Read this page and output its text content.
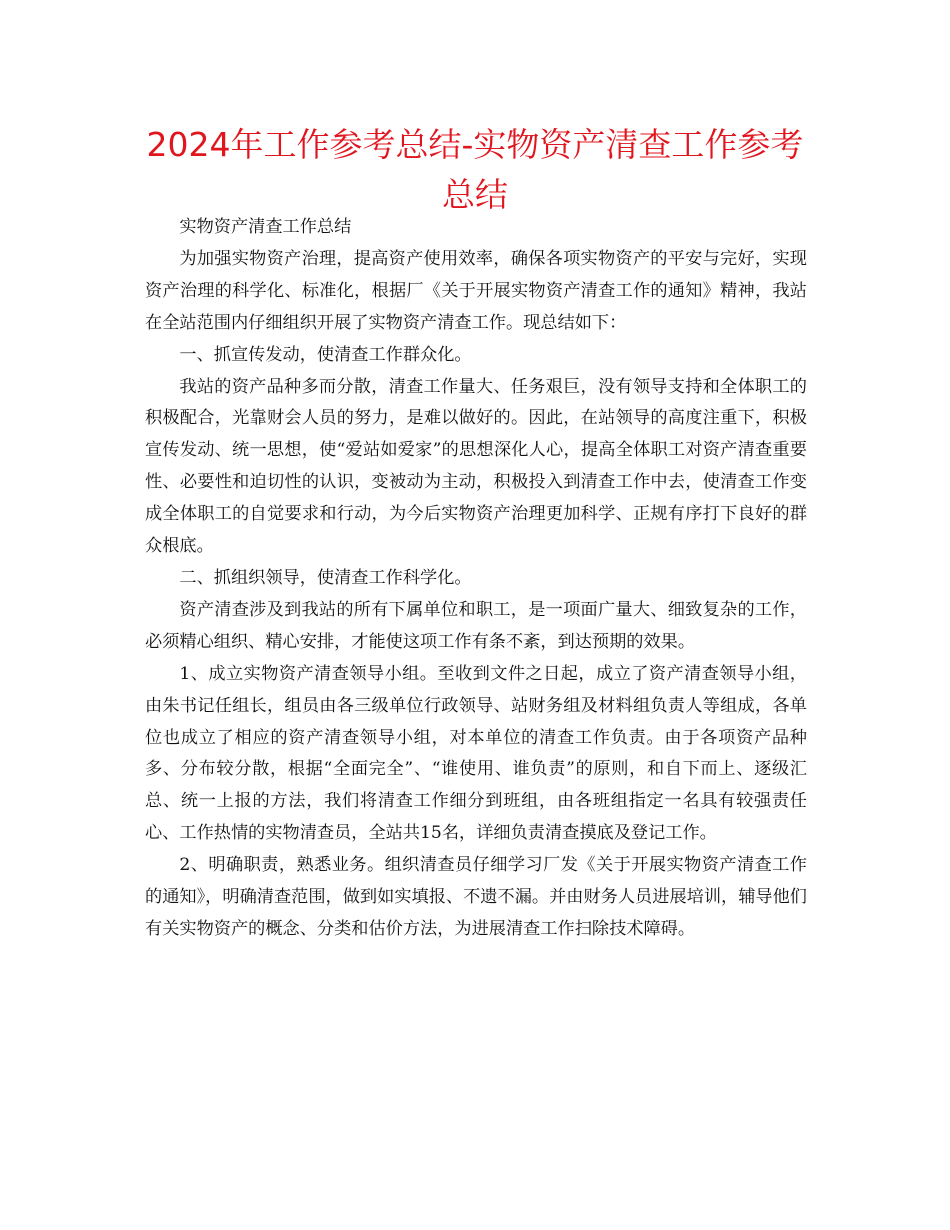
2024年工作参考总结-实物资产清查工作参考总结

实物资产清查工作总结

为加强实物资产治理，提高资产使用效率，确保各项实物资产的平安与完好，实现资产治理的科学化、标准化，根据厂《关于开展实物资产清查工作的通知》精神，我站在全站范围内仔细组织开展了实物资产清查工作。现总结如下：

一、抓宣传发动，使清查工作群众化。

我站的资产品种多而分散，清查工作量大、任务艰巨，没有领导支持和全体职工的积极配合，光靠财会人员的努力，是难以做好的。因此，在站领导的高度注重下，积极宣传发动、统一思想，使“爱站如爱家”的思想深化人心，提高全体职工对资产清查重要性、必要性和迫切性的认识，变被动为主动，积极投入到清查工作中去，使清查工作变成全体职工的自觉要求和行动，为今后实物资产治理更加科学、正规有序打下良好的群众根底。

二、抓组织领导，使清查工作科学化。

资产清查涉及到我站的所有下属单位和职工，是一项面广量大、细致复杂的工作，必须精心组织、精心安排，才能使这项工作有条不紊，到达预期的效果。

1、成立实物资产清查领导小组。至收到文件之日起，成立了资产清查领导小组，由朱书记任组长，组员由各三级单位行政领导、站财务组及材料组负责人等组成，各单位也成立了相应的资产清查领导小组，对本单位的清查工作负责。由于各项资产品种多、分布较分散，根据“全面完全”、“谁使用、谁负责”的原则，和自下而上、逐级汇总、统一上报的方法，我们将清查工作细分到班组，由各班组指定一名具有较强责任心、工作热情的实物清查员，全站共15名，详细负责清查摸底及登记工作。

2、明确职责，熟悉业务。组织清查员仔细学习厂发《关于开展实物资产清查工作的通知》，明确清查范围，做到如实填报、不遗不漏。并由财务人员进展培训，辅导他们有关实物资产的概念、分类和估价方法，为进展清查工作扫除技术障碍。
